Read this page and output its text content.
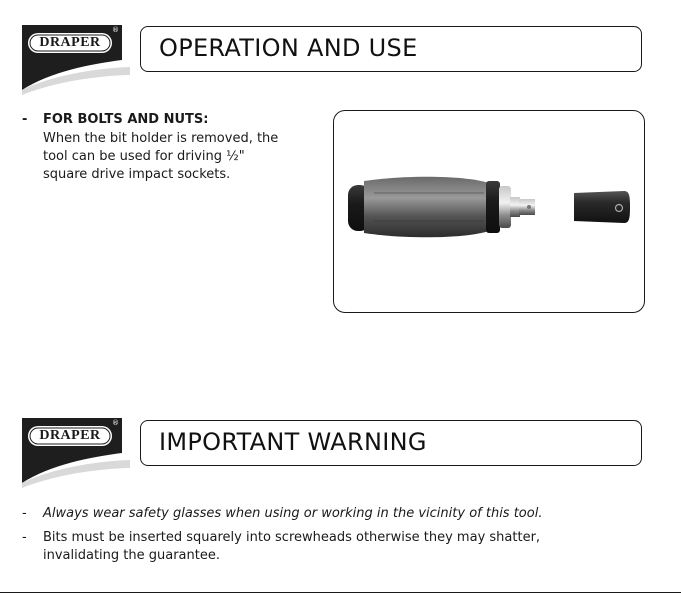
DRAPER
®
OPERATION AND USE
- FOR BOLTS AND NUTS:

When the bit holder is removed, the
tool can be used for driving ½"
square drive impact sockets.

DRAPER
®
IMPORTANT WARNING
- Always wear safety glasses when using or working in the vicinity of this tool.
- Bits must be inserted squarely into screwheads otherwise they may shatter,
invalidating the guarantee.
